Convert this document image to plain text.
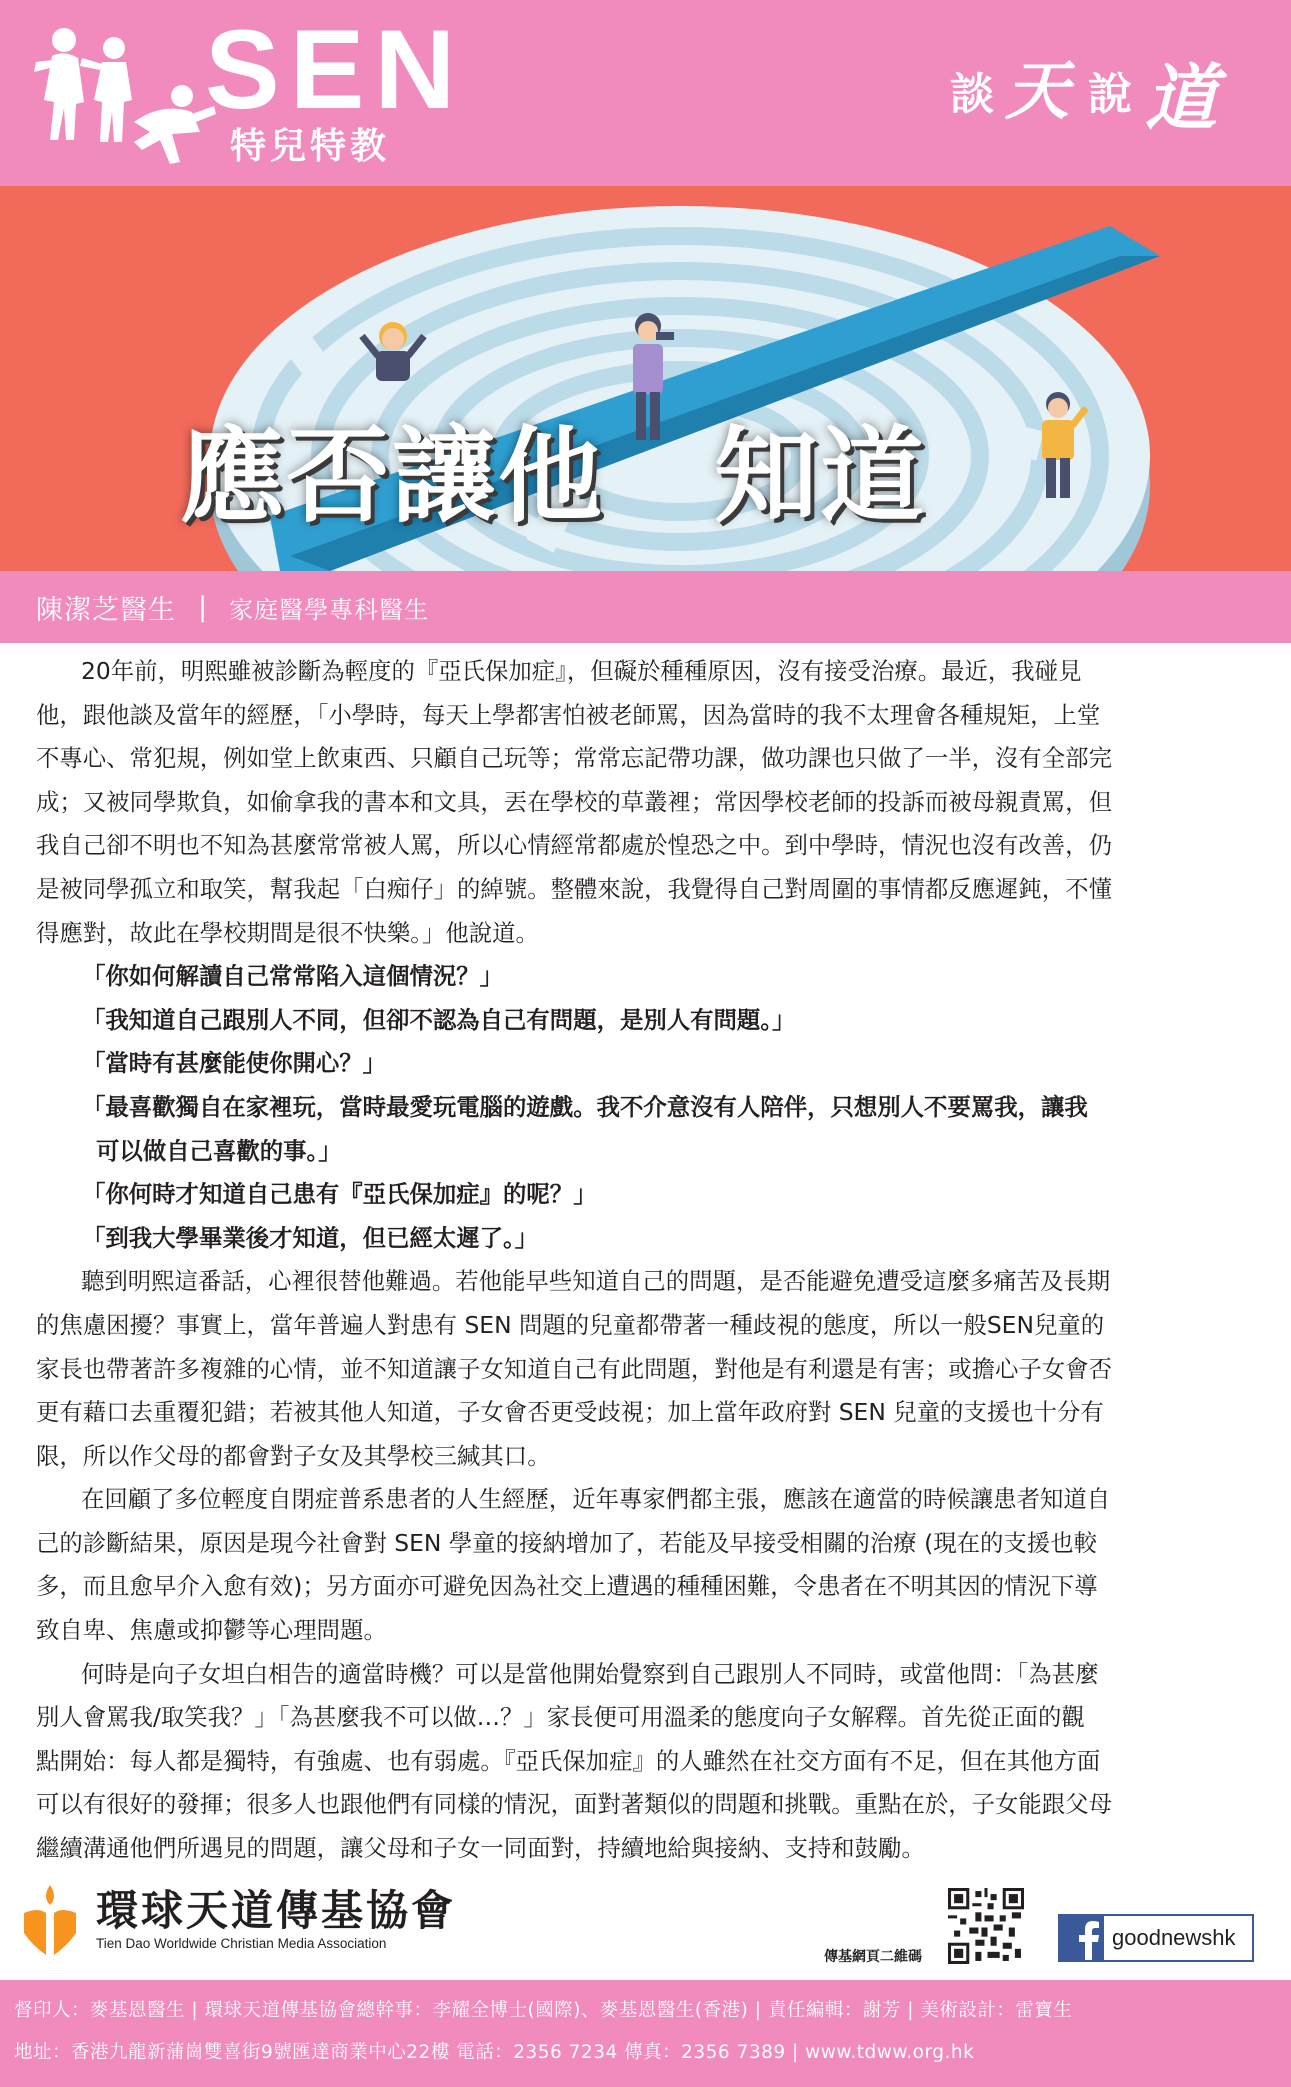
SEN
特兒特教
談 天 說 道
應否讓他 知道
陳潔芝醫生 | 家庭醫學專科醫生

20年前，明熙雖被診斷為輕度的『亞氏保加症』，但礙於種種原因，沒有接受治療。最近，我碰見

他，跟他談及當年的經歷，「小學時，每天上學都害怕被老師罵，因為當時的我不太理會各種規矩，上堂

不專心、常犯規，例如堂上飲東西、只顧自己玩等；常常忘記帶功課，做功課也只做了一半，沒有全部完

成；又被同學欺負，如偷拿我的書本和文具，丟在學校的草叢裡；常因學校老師的投訴而被母親責罵，但

我自己卻不明也不知為甚麼常常被人罵，所以心情經常都處於惶恐之中。到中學時，情況也沒有改善，仍

是被同學孤立和取笑，幫我起「白痴仔」的綽號。整體來說，我覺得自己對周圍的事情都反應遲鈍，不懂

得應對，故此在學校期間是很不快樂。」他說道。

「你如何解讀自己常常陷入這個情況？」

「我知道自己跟別人不同，但卻不認為自己有問題，是別人有問題。」

「當時有甚麼能使你開心？」

「最喜歡獨自在家裡玩，當時最愛玩電腦的遊戲。我不介意沒有人陪伴，只想別人不要罵我，讓我

可以做自己喜歡的事。」

「你何時才知道自己患有『亞氏保加症』的呢？」

「到我大學畢業後才知道，但已經太遲了。」

聽到明熙這番話，心裡很替他難過。若他能早些知道自己的問題，是否能避免遭受這麼多痛苦及長期

的焦慮困擾？事實上，當年普遍人對患有 SEN 問題的兒童都帶著一種歧視的態度，所以一般SEN兒童的

家長也帶著許多複雜的心情，並不知道讓子女知道自己有此問題，對他是有利還是有害；或擔心子女會否

更有藉口去重覆犯錯；若被其他人知道，子女會否更受歧視；加上當年政府對 SEN 兒童的支援也十分有

限，所以作父母的都會對子女及其學校三緘其口。

在回顧了多位輕度自閉症普系患者的人生經歷，近年專家們都主張，應該在適當的時候讓患者知道自

己的診斷結果，原因是現今社會對 SEN 學童的接納增加了，若能及早接受相關的治療 (現在的支援也較

多，而且愈早介入愈有效)；另方面亦可避免因為社交上遭遇的種種困難，令患者在不明其因的情況下導

致自卑、焦慮或抑鬱等心理問題。

何時是向子女坦白相告的適當時機？可以是當他開始覺察到自己跟別人不同時，或當他問：「為甚麼

別人會罵我/取笑我？」「為甚麼我不可以做…？」家長便可用溫柔的態度向子女解釋。首先從正面的觀

點開始：每人都是獨特，有強處、也有弱處。『亞氏保加症』的人雖然在社交方面有不足，但在其他方面

可以有很好的發揮；很多人也跟他們有同樣的情況，面對著類似的問題和挑戰。重點在於，子女能跟父母

繼續溝通他們所遇見的問題，讓父母和子女一同面對，持續地給與接納、支持和鼓勵。

環球天道傳基協會
Tien Dao Worldwide Christian Media Association
傳基網頁二維碼
goodnewshk
督印人：麥基恩醫生 | 環球天道傳基協會總幹事：李耀全博士(國際)、麥基恩醫生(香港) | 責任編輯：謝芳 | 美術設計：雷寶生
地址：香港九龍新蒲崗雙喜街9號匯達商業中心22樓 電話：2356 7234 傳真：2356 7389 | www.tdww.org.hk
